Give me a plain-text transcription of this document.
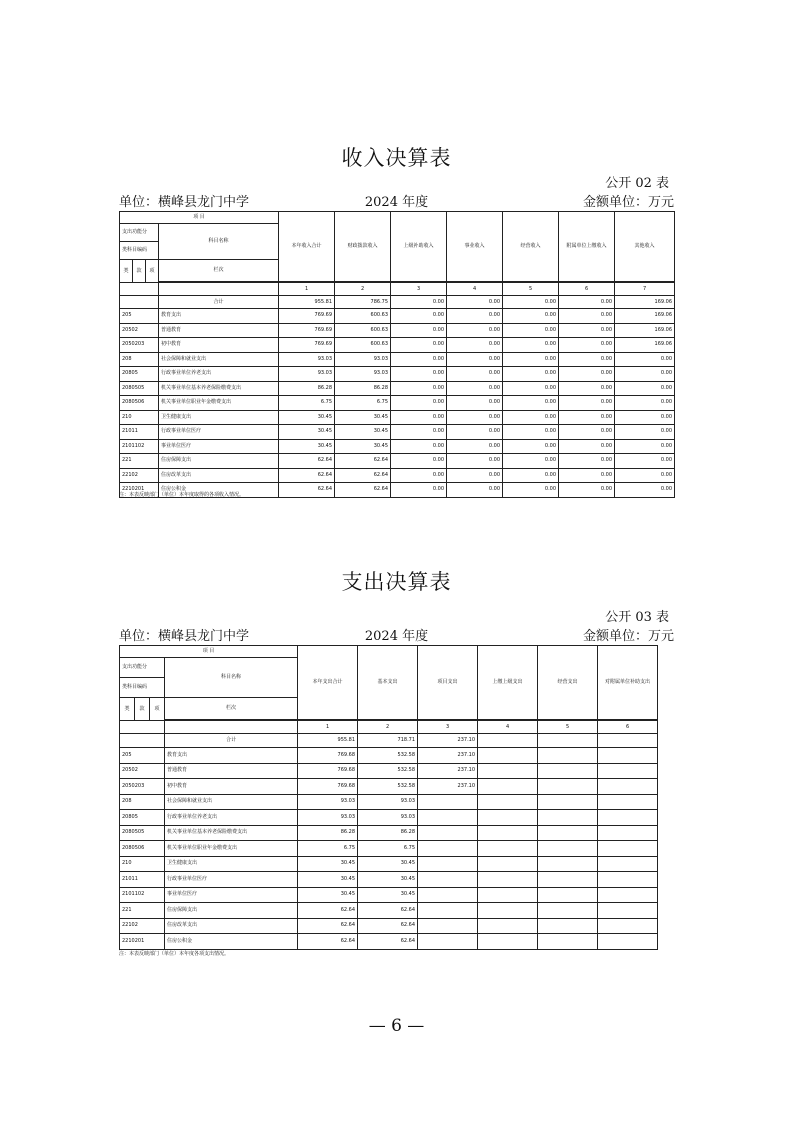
收入决算表
公开 02 表
单位：横峰县龙门中学	2024 年度	金额单位：万元
项 目				本年收入合计	财政拨款收入	上级补助收入	事业收入	经营收入	附属单位上缴收入	其他收入
支出功能分			科目名称							
类科目编码										
类	款	项	栏次							

				1	2	3	4	5	6	7
			合计	955.81	786.75	0.00	0.00	0.00	0.00	169.06
205			教育支出	769.69	600.63	0.00	0.00	0.00	0.00	169.06
20502			普通教育	769.69	600.63	0.00	0.00	0.00	0.00	169.06
2050203			初中教育	769.69	600.63	0.00	0.00	0.00	0.00	169.06
208			社会保障和就业支出	93.03	93.03	0.00	0.00	0.00	0.00	0.00
20805			行政事业单位养老支出	93.03	93.03	0.00	0.00	0.00	0.00	0.00
2080505			机关事业单位基本养老保险缴费支出	86.28	86.28	0.00	0.00	0.00	0.00	0.00
2080506			机关事业单位职业年金缴费支出	6.75	6.75	0.00	0.00	0.00	0.00	0.00
210			卫生健康支出	30.45	30.45	0.00	0.00	0.00	0.00	0.00
21011			行政事业单位医疗	30.45	30.45	0.00	0.00	0.00	0.00	0.00
2101102			事业单位医疗	30.45	30.45	0.00	0.00	0.00	0.00	0.00
221			住房保障支出	62.64	62.64	0.00	0.00	0.00	0.00	0.00
22102			住房改革支出	62.64	62.64	0.00	0.00	0.00	0.00	0.00
2210201			住房公积金	62.64	62.64	0.00	0.00	0.00	0.00	0.00
注：本表反映部门（单位）本年度取得的各项收入情况。
支出决算表
公开 03 表
单位：横峰县龙门中学	2024 年度	金额单位：万元
项 目				本年支出合计	基本支出	项目支出	上缴上级支出	经营支出	对附属单位补助支出
支出功能分			科目名称						
类科目编码									
类	款	项	栏次						

				1	2	3	4	5	6
			合计	955.81	718.71	237.10			
205			教育支出	769.68	532.58	237.10			
20502			普通教育	769.68	532.58	237.10			
2050203			初中教育	769.68	532.58	237.10			
208			社会保障和就业支出	93.03	93.03				
20805			行政事业单位养老支出	93.03	93.03				
2080505			机关事业单位基本养老保险缴费支出	86.28	86.28				
2080506			机关事业单位职业年金缴费支出	6.75	6.75				
210			卫生健康支出	30.45	30.45				
21011			行政事业单位医疗	30.45	30.45				
2101102			事业单位医疗	30.45	30.45				
221			住房保障支出	62.64	62.64				
22102			住房改革支出	62.64	62.64				
2210201			住房公积金	62.64	62.64				
注：本表反映部门（单位）本年度各项支出情况。
— 6 —
